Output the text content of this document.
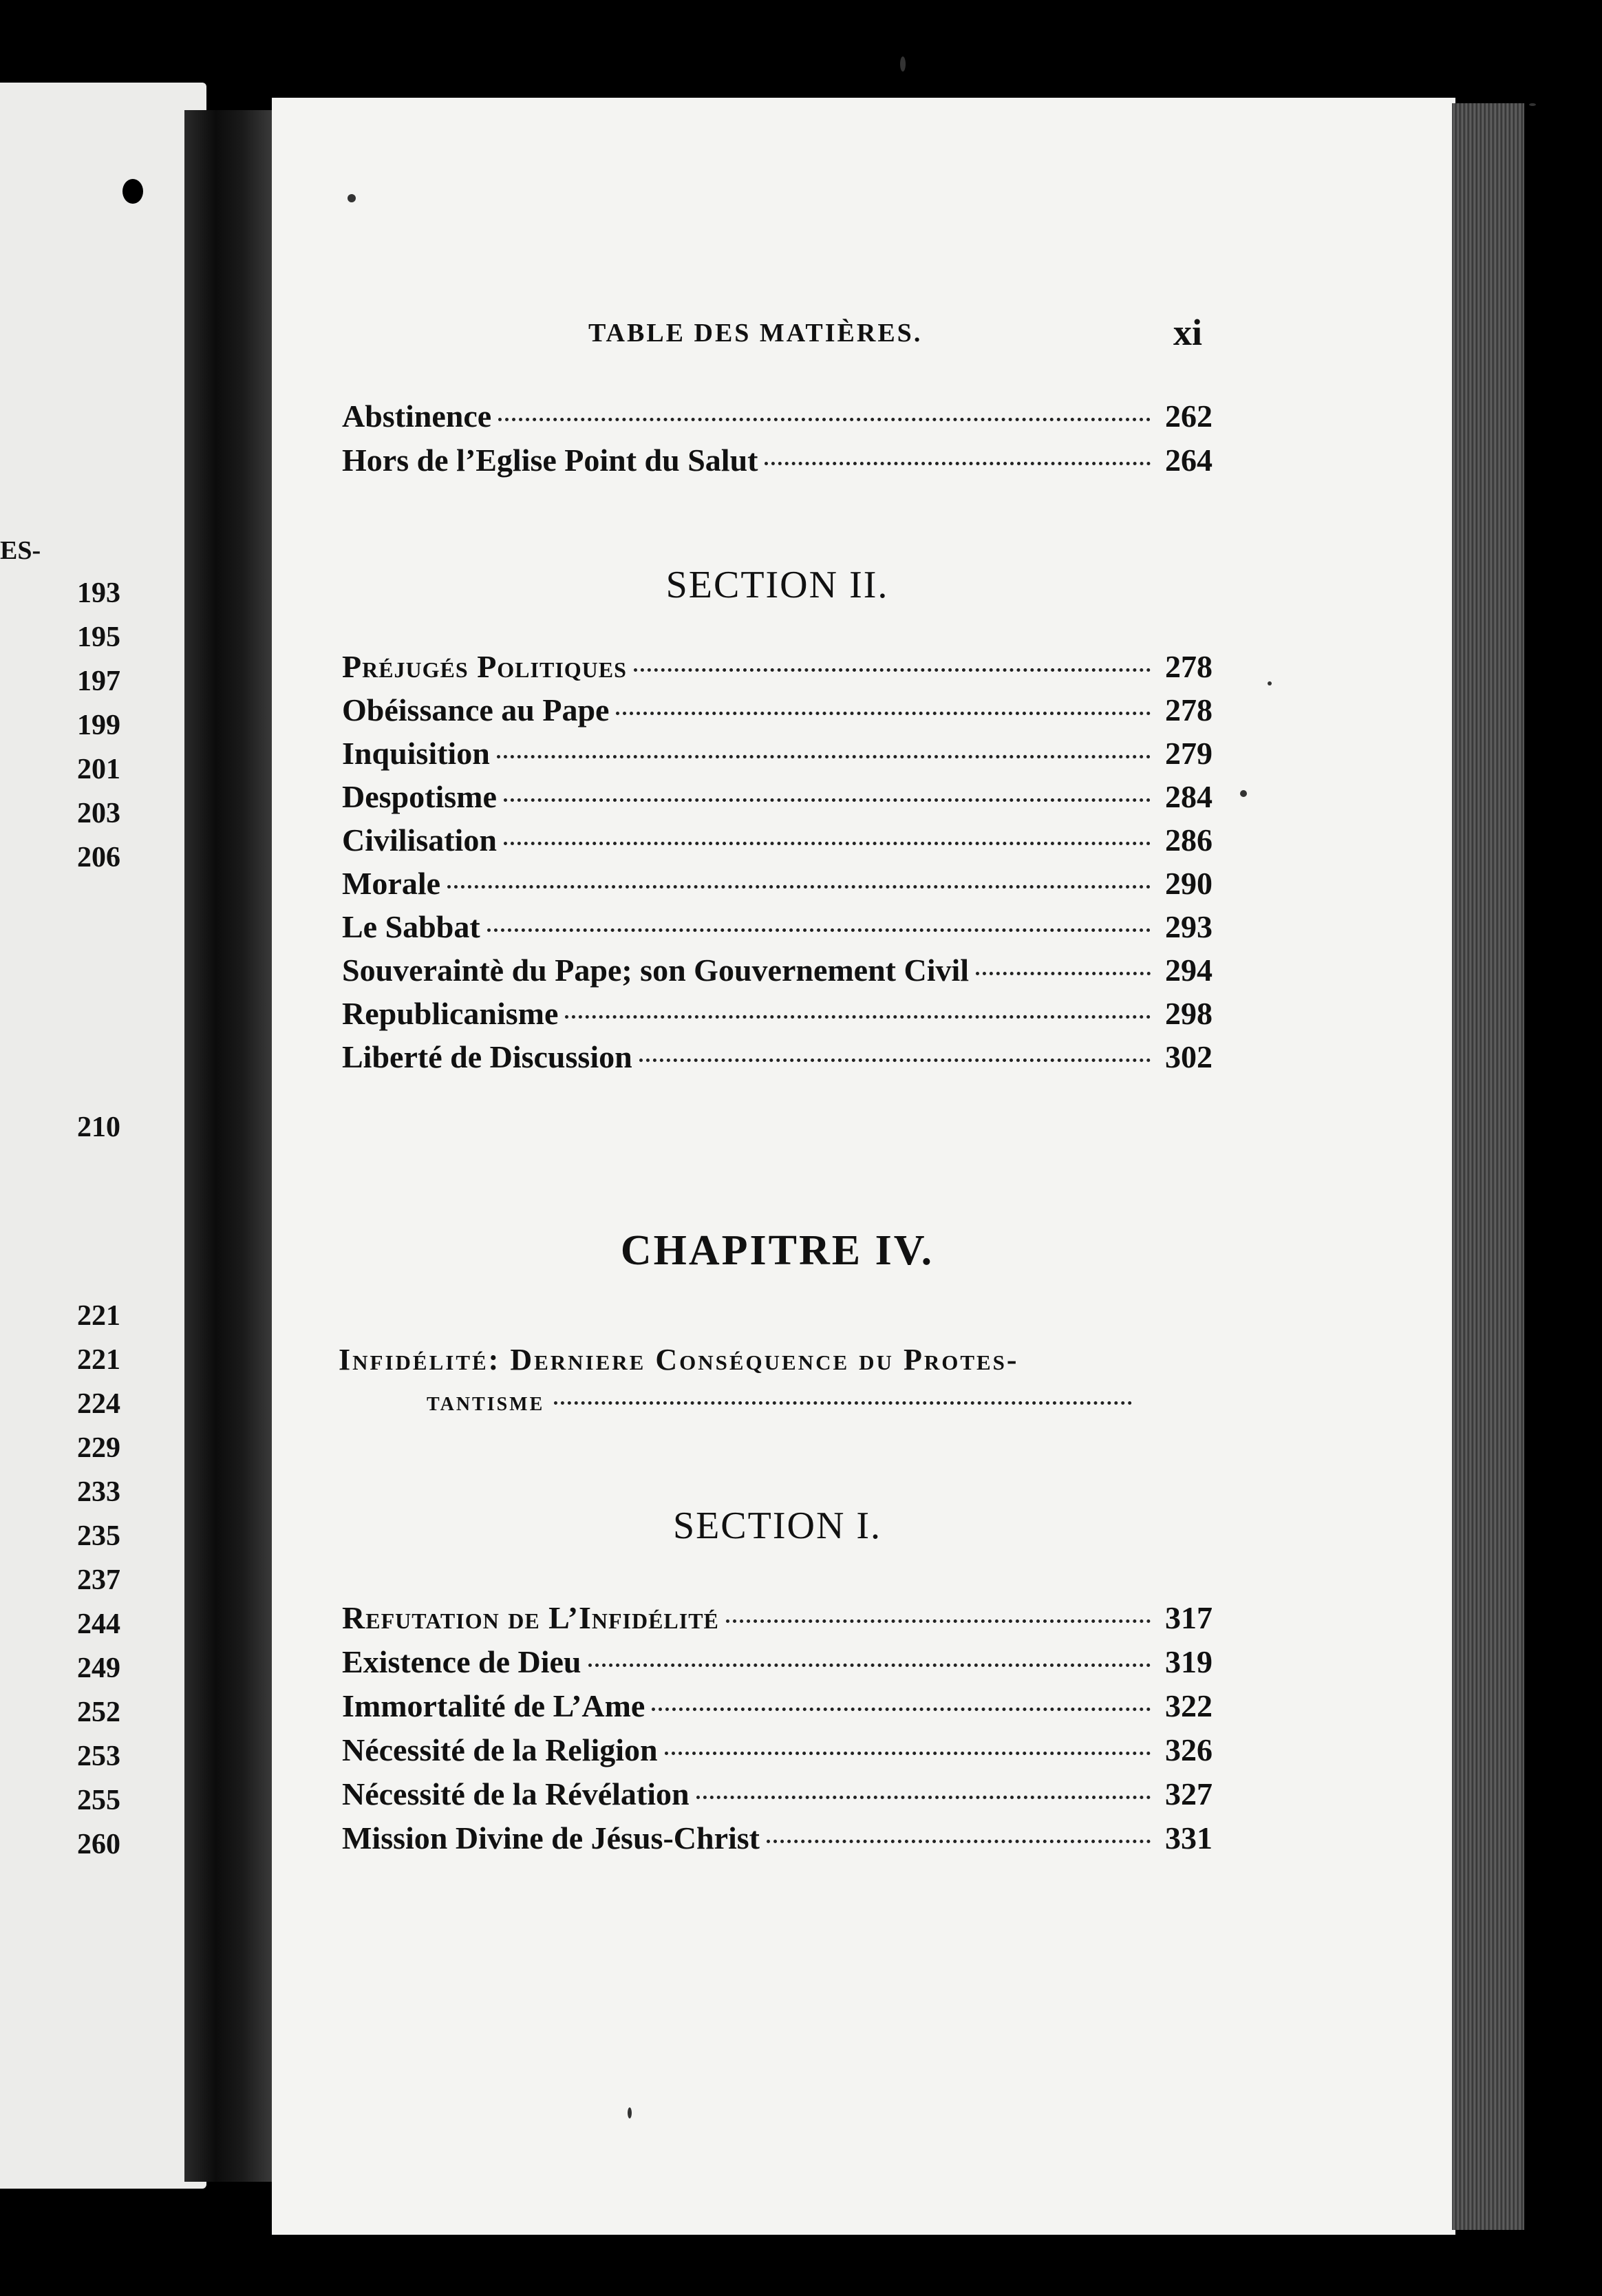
ES-
193
195
197
199
201
203
206
210
221
221
224
229
233
235
237
244
249
252
253
255
260
TABLE DES MATIÈRES.	xi
Abstinence	262
Hors de l’Eglise Point du Salut	264
SECTION II.
Préjugés Politiques	278
Obéissance au Pape	278
Inquisition	279
Despotisme	284
Civilisation	286
Morale	290
Le Sabbat	293
Souveraintè du Pape; son Gouvernement Civil	294
Republicanisme	298
Liberté de Discussion	302
CHAPITRE IV.
Infidélité: Derniere Conséquence du Protes-
tantisme
SECTION I.
Refutation de L’Infidélité	317
Existence de Dieu	319
Immortalité de L’Ame	322
Nécessité de la Religion	326
Nécessité de la Révélation	327
Mission Divine de Jésus-Christ	331
